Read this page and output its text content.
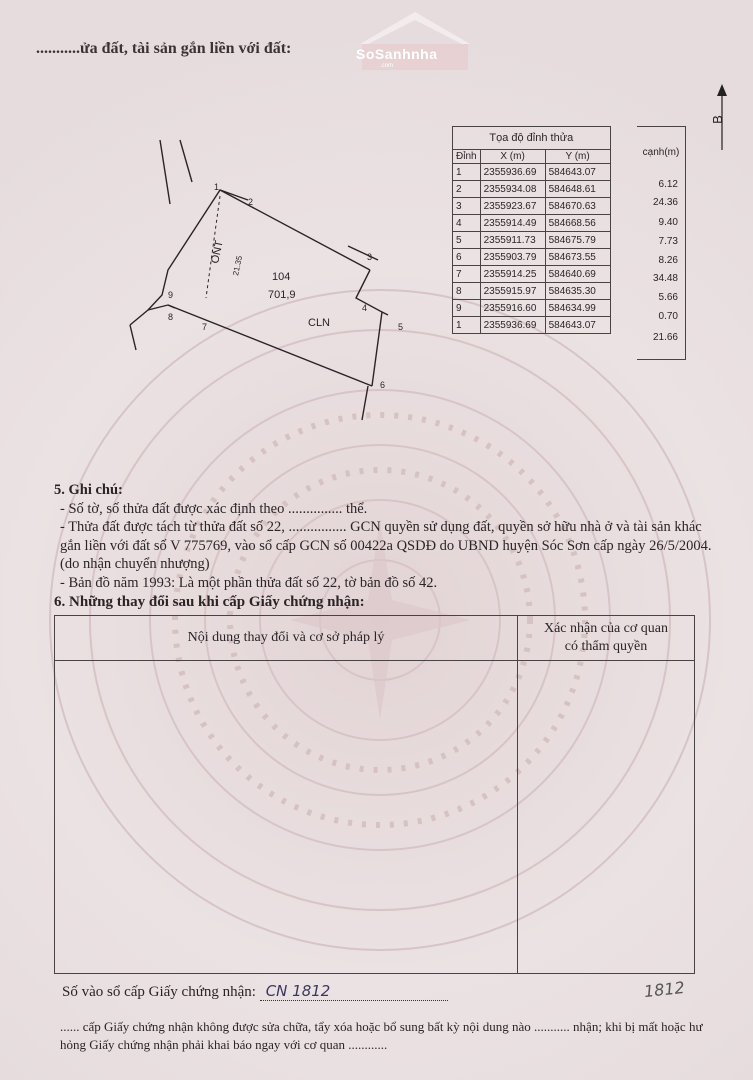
...........ửa đất, tài sản gắn liền với đất:	SoSanhnha
.com
B
1
2
3
4
5
6
7
8
9
ONT
21.35
104
701,9
CLN
Tọa độ đỉnh thửa		
Đỉnh	X (m)	Y (m)
1	2355936.69	584643.07
2	2355934.08	584648.61
3	2355923.67	584670.63
4	2355914.49	584668.56
5	2355911.73	584675.79
6	2355903.79	584673.55
7	2355914.25	584640.69
8	2355915.97	584635.30
9	2355916.60	584634.99
1	2355936.69	584643.07
cạnh(m)
6.12
24.36
9.40
7.73
8.26
34.48
5.66
0.70
21.66
5. Ghi chú:
- Số tờ, số thửa đất được xác định theo ............... thể.
- Thửa đất được tách từ thửa đất số 22, ................ GCN quyền sử dụng đất, quyền sở hữu nhà ở và tài sản khác gắn liền với đất số V 775769, vào sổ cấp GCN số 00422a QSDĐ do UBND huyện Sóc Sơn cấp ngày 26/5/2004. (do nhận chuyển nhượng)
- Bản đồ năm 1993: Là một phần thửa đất số 22, tờ bản đồ số 42.
6. Những thay đổi sau khi cấp Giấy chứng nhận:
Nội dung thay đổi và cơ sở pháp lý
Xác nhận của cơ quan
có thẩm quyền
Số vào sổ cấp Giấy chứng nhận: CN 1812	1812
...... cấp Giấy chứng nhận không được sửa chữa, tẩy xóa hoặc bổ sung bất kỳ nội dung nào ........... nhận; khi bị mất hoặc hư hỏng Giấy chứng nhận phải khai báo ngay với cơ quan ............
